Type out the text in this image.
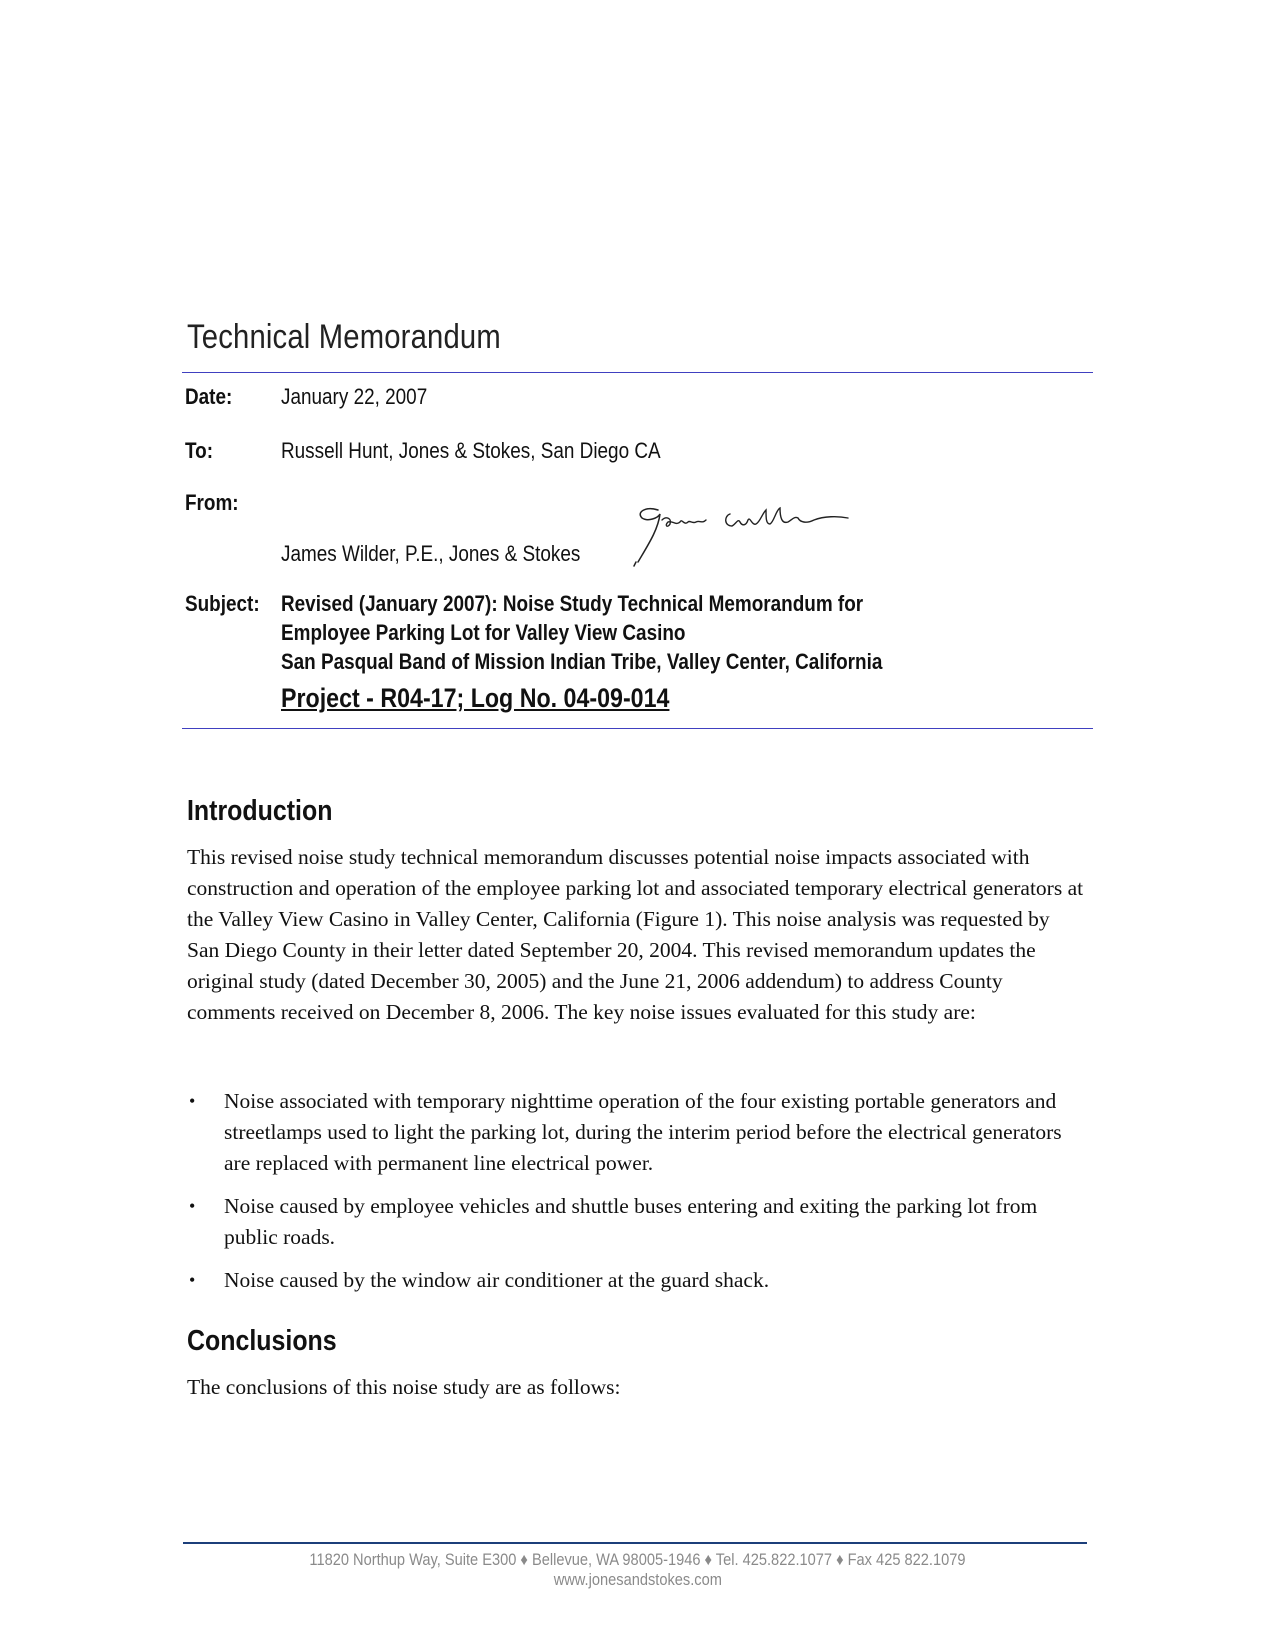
Technical Memorandum
Date: January 22, 2007
To:	Russell Hunt, Jones & Stokes, San Diego CA
From:
James Wilder, P.E., Jones & Stokes
Subject: Revised (January 2007): Noise Study Technical Memorandum for
Employee Parking Lot for Valley View Casino
San Pasqual Band of Mission Indian Tribe, Valley Center, California
Project - R04-17; Log No. 04-09-014
Introduction
This revised noise study technical memorandum discusses potential noise impacts associated with construction and operation of the employee parking lot and associated temporary electrical generators at the Valley View Casino in Valley Center, California (Figure 1). This noise analysis was requested by San Diego County in their letter dated September 20, 2004. This revised memorandum updates the original study (dated December 30, 2005) and the June 21, 2006 addendum) to address County comments received on December 8, 2006. The key noise issues evaluated for this study are:
• Noise associated with temporary nighttime operation of the four existing portable generators and streetlamps used to light the parking lot, during the interim period before the electrical generators are replaced with permanent line electrical power.
• Noise caused by employee vehicles and shuttle buses entering and exiting the parking lot from public roads.
• Noise caused by the window air conditioner at the guard shack.
Conclusions
The conclusions of this noise study are as follows:
11820 Northup Way, Suite E300 ♦ Bellevue, WA 98005-1946 ♦ Tel. 425.822.1077 ♦ Fax 425 822.1079
www.jonesandstokes.com
